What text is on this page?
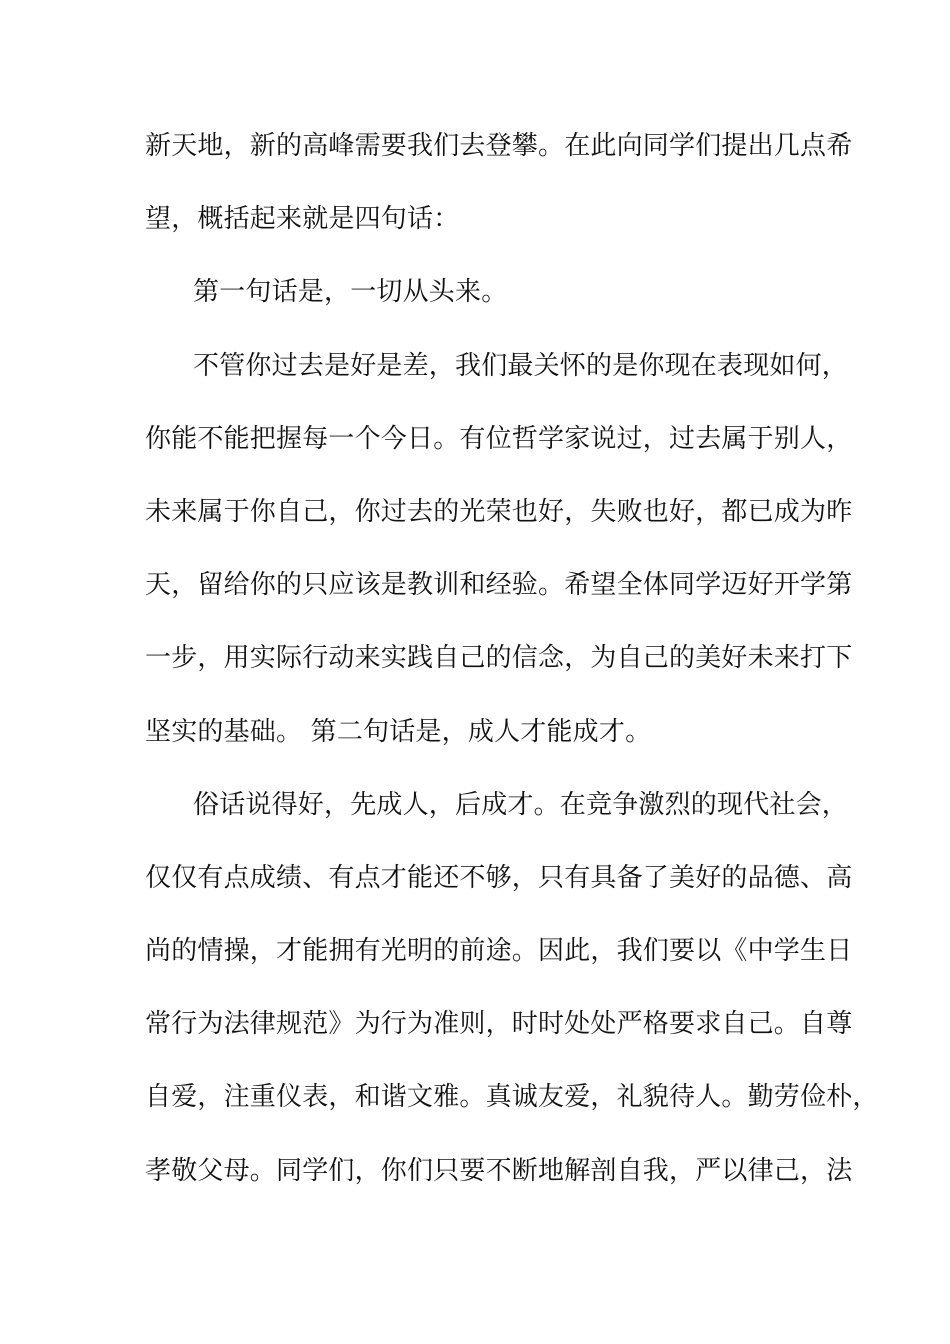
新天地，新的高峰需要我们去登攀。在此向同学们提出几点希
望，概括起来就是四句话：
第一句话是，一切从头来。
不管你过去是好是差，我们最关怀的是你现在表现如何，
你能不能把握每一个今日。有位哲学家说过，过去属于别人，
未来属于你自己，你过去的光荣也好，失败也好，都已成为昨
天，留给你的只应该是教训和经验。希望全体同学迈好开学第
一步，用实际行动来实践自己的信念，为自己的美好未来打下
坚实的基础。 第二句话是，成人才能成才。
俗话说得好，先成人，后成才。在竞争激烈的现代社会，
仅仅有点成绩、有点才能还不够，只有具备了美好的品德、高
尚的情操，才能拥有光明的前途。因此，我们要以《中学生日
常行为法律规范》为行为准则，时时处处严格要求自己。自尊
自爱，注重仪表，和谐文雅。真诚友爱，礼貌待人。勤劳俭朴，
孝敬父母。同学们，你们只要不断地解剖自我，严以律己，法
